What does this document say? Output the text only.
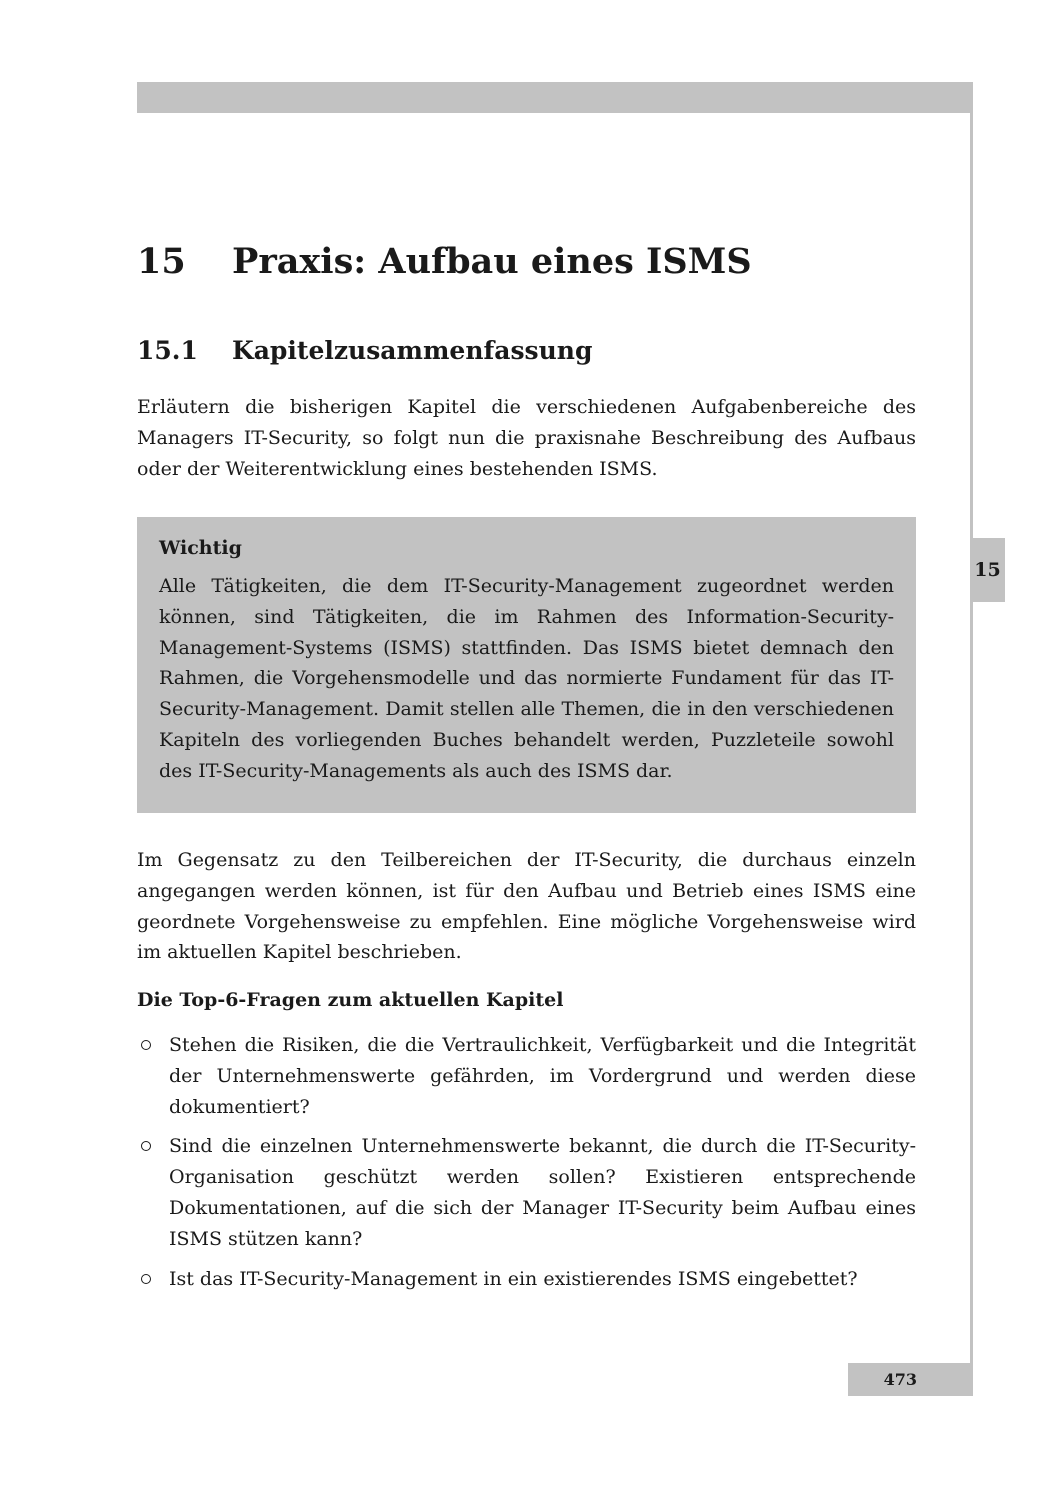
15
15 Praxis: Aufbau eines ISMS
15.1 Kapitelzusammenfassung

Erläutern die bisherigen Kapitel die verschiedenen Aufgabenbereiche des Managers IT-Security, so folgt nun die praxisnahe Beschreibung des Aufbaus oder der Weiterentwicklung eines bestehenden ISMS.

Wichtig

Alle Tätigkeiten, die dem IT-Security-Management zugeordnet werden können, sind Tätigkeiten, die im Rahmen des Information-Security-Management-Systems (ISMS) stattfinden. Das ISMS bietet demnach den Rahmen, die Vorgehensmodelle und das normierte Fundament für das IT-Security-Management. Damit stellen alle Themen, die in den verschiedenen Kapiteln des vorliegenden Buches behandelt werden, Puzzleteile sowohl des IT-Security-Managements als auch des ISMS dar.

Im Gegensatz zu den Teilbereichen der IT-Security, die durchaus einzeln angegangen werden können, ist für den Aufbau und Betrieb eines ISMS eine geordnete Vorgehensweise zu empfehlen. Eine mögliche Vorgehensweise wird im aktuellen Kapitel beschrieben.

Die Top-6-Fragen zum aktuellen Kapitel
Stehen die Risiken, die die Vertraulichkeit, Verfügbarkeit und die Integrität der Unternehmenswerte gefährden, im Vordergrund und werden diese dokumentiert?
Sind die einzelnen Unternehmenswerte bekannt, die durch die IT-Security-Organisation geschützt werden sollen? Existieren entsprechende Dokumentationen, auf die sich der Manager IT-Security beim Aufbau eines ISMS stützen kann?
Ist das IT-Security-Management in ein existierendes ISMS eingebettet?
473
